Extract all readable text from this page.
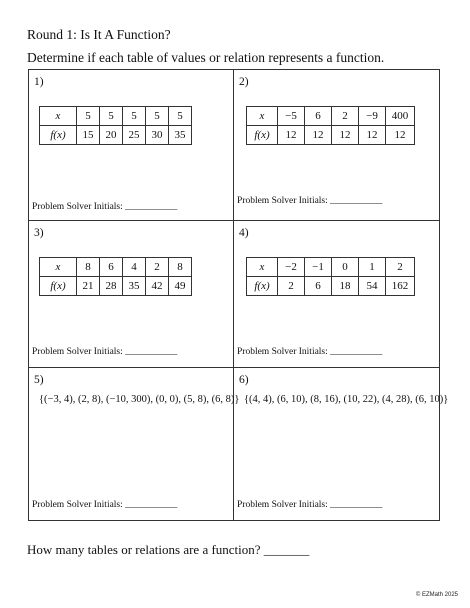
Round 1: Is It A Function?
Determine if each table of values or relation represents a function.
1)
x	5	5	5	5	5
f(x)	15	20	25	30	35
Problem Solver Initials: ___________
2)
x	−5	6	2	−9	400
f(x)	12	12	12	12	12
Problem Solver Initials: ___________
3)
x	8	6	4	2	8
f(x)	21	28	35	42	49
Problem Solver Initials: ___________
4)
x	−2	−1	0	1	2
f(x)	2	6	18	54	162
Problem Solver Initials: ___________
5)
{(−3, 4), (2, 8), (−10, 300), (0, 0), (5, 8), (6, 8)}
Problem Solver Initials: ___________
6)
{(4, 4), (6, 10), (8, 16), (10, 22), (4, 28), (6, 10)}
Problem Solver Initials: ___________

How many tables or relations are a function? _______

© EZMath 2025
